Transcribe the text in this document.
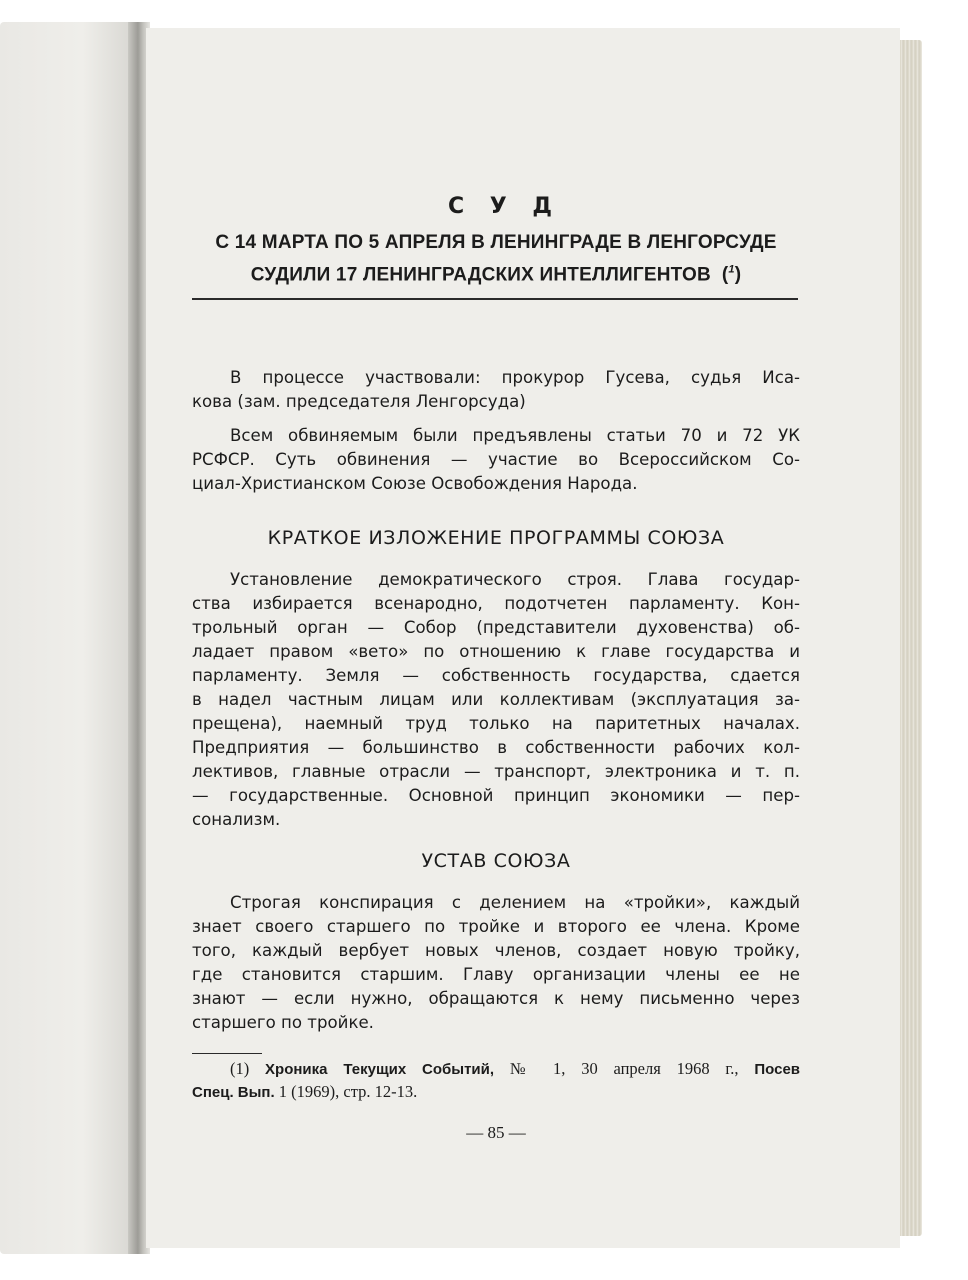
С У Д

С 14 МАРТА ПО 5 АПРЕЛЯ В ЛЕНИНГРАДЕ В ЛЕНГОРСУДЕ

СУДИЛИ 17 ЛЕНИНГРАДСКИХ ИНТЕЛЛИГЕНТОВ ($^1$)

В процессе участвовали: прокурор Гусева, судья Иса-

кова (зам. председателя Ленгорсуда)

Всем обвиняемым были предъявлены статьи 70 и 72 УК

РСФСР. Суть обвинения — участие во Всероссийском Со-

циал-Христианском Союзе Освобождения Народа.

КРАТКОЕ ИЗЛОЖЕНИЕ ПРОГРАММЫ СОЮЗА

Установление демократического строя. Глава государ-

ства избирается всенародно, подотчетен парламенту. Кон-

трольный орган — Собор (представители духовенства) об-

ладает правом «вето» по отношению к главе государства и

парламенту. Земля — собственность государства, сдается

в надел частным лицам или коллективам (эксплуатация за-

прещена), наемный труд только на паритетных началах.

Предприятия — большинство в собственности рабочих кол-

лективов, главные отрасли — транспорт, электроника и т. п.

— государственные. Основной принцип экономики — пер-

сонализм.

УСТАВ СОЮЗА

Строгая конспирация с делением на «тройки», каждый

знает своего старшего по тройке и второго ее члена. Кроме

того, каждый вербует новых членов, создает новую тройку,

где становится старшим. Главу организации члены ее не

знают — если нужно, обращаются к нему письменно через

старшего по тройке.

(1) Хроника Текущих Событий, № 1, 30 апреля 1968 г., Посев

Спец. Вып. 1 (1969), стр. 12-13.

— 85 —
